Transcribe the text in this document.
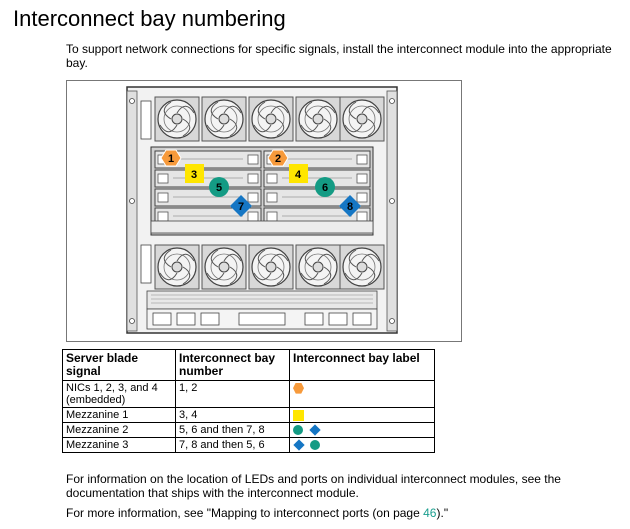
Interconnect bay numbering

To support network connections for specific signals, install the interconnect module into the appropriate bay.

1	2
3	4
5	6
7	8
Server blade signal	Interconnect bay number	Interconnect bay label
NICs 1, 2, 3, and 4 (embedded)	1, 2	
Mezzanine 1	3, 4	
Mezzanine 2	5, 6 and then 7, 8	
Mezzanine 3	7, 8 and then 5, 6	

For information on the location of LEDs and ports on individual interconnect modules, see the documentation that ships with the interconnect module.

For more information, see "Mapping to interconnect ports (on page 46)."
